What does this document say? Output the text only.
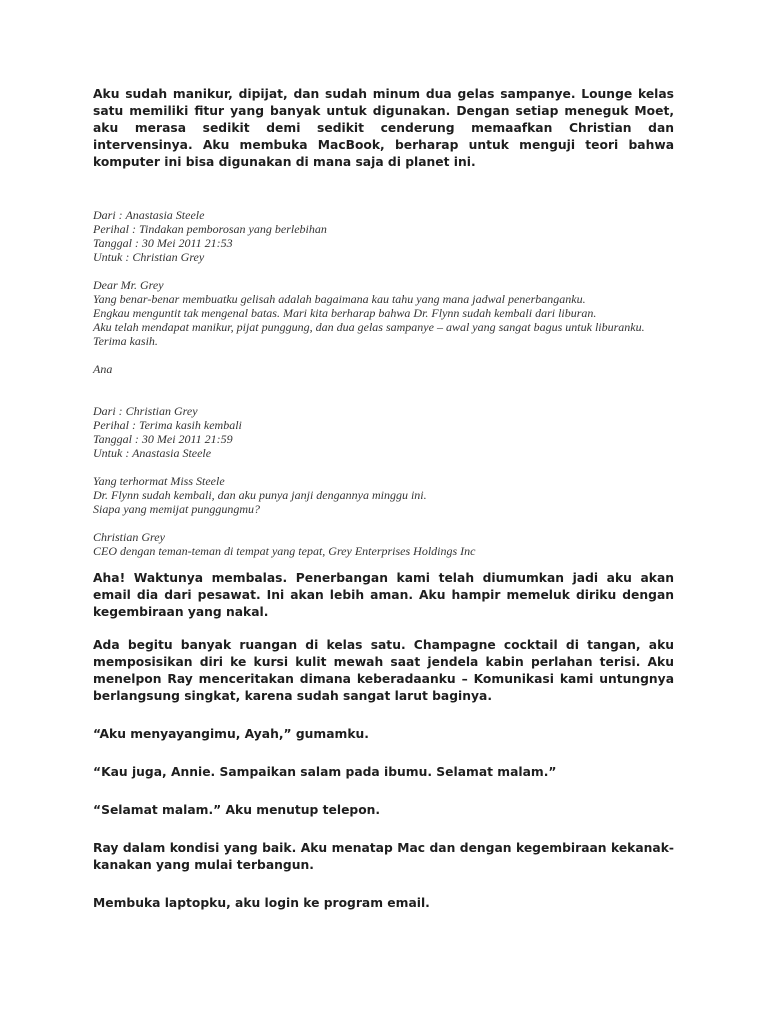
Aku sudah manikur, dipijat, dan sudah minum dua gelas sampanye. Lounge kelas satu memiliki fitur yang banyak untuk digunakan. Dengan setiap meneguk Moet, aku merasa sedikit demi sedikit cenderung memaafkan Christian dan intervensinya. Aku membuka MacBook, berharap untuk menguji teori bahwa komputer ini bisa digunakan di mana saja di planet ini.

Dari : Anastasia Steele

Perihal : Tindakan pemborosan yang berlebihan

Tanggal : 30 Mei 2011 21:53

Untuk : Christian Grey

Dear Mr. Grey

Yang benar-benar membuatku gelisah adalah bagaimana kau tahu yang mana jadwal penerbanganku.

Engkau menguntit tak mengenal batas. Mari kita berharap bahwa Dr. Flynn sudah kembali dari liburan.

Aku telah mendapat manikur, pijat punggung, dan dua gelas sampanye – awal yang sangat bagus untuk liburanku.

Terima kasih.

Ana

Dari : Christian Grey

Perihal : Terima kasih kembali

Tanggal : 30 Mei 2011 21:59

Untuk : Anastasia Steele

Yang terhormat Miss Steele

Dr. Flynn sudah kembali, dan aku punya janji dengannya minggu ini.

Siapa yang memijat punggungmu?

Christian Grey

CEO dengan teman-teman di tempat yang tepat, Grey Enterprises Holdings Inc

Aha! Waktunya membalas. Penerbangan kami telah diumumkan jadi aku akan email dia dari pesawat. Ini akan lebih aman. Aku hampir memeluk diriku dengan kegembiraan yang nakal.

Ada begitu banyak ruangan di kelas satu. Champagne cocktail di tangan, aku memposisikan diri ke kursi kulit mewah saat jendela kabin perlahan terisi. Aku menelpon Ray menceritakan dimana keberadaanku – Komunikasi kami untungnya berlangsung singkat, karena sudah sangat larut baginya.

“Aku menyayangimu, Ayah,” gumamku.

“Kau juga, Annie. Sampaikan salam pada ibumu. Selamat malam.”

“Selamat malam.” Aku menutup telepon.

Ray dalam kondisi yang baik. Aku menatap Mac dan dengan kegembiraan kekanak-kanakan yang mulai terbangun.

Membuka laptopku, aku login ke program email.
